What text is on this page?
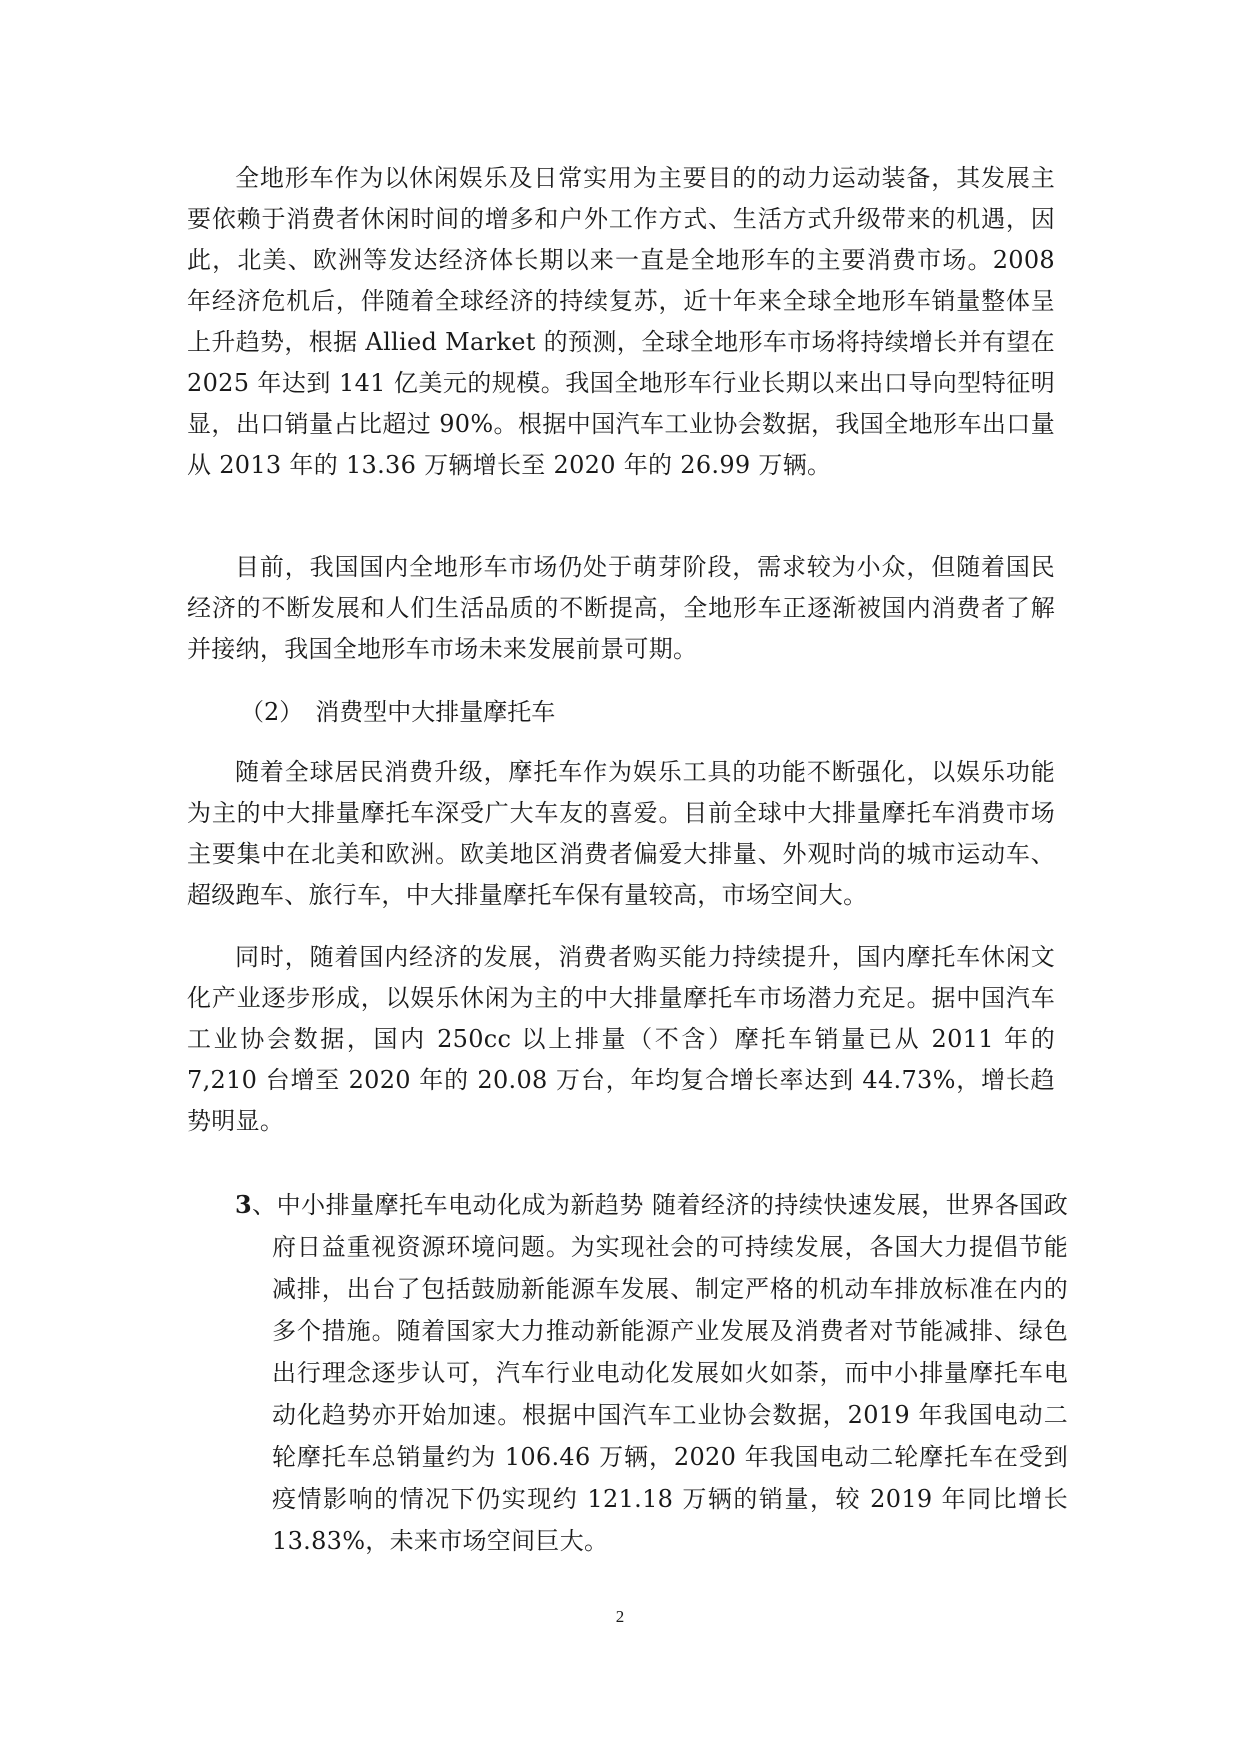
全地形车作为以休闲娱乐及日常实用为主要目的的动力运动装备，其发展主要依赖于消费者休闲时间的增多和户外工作方式、生活方式升级带来的机遇，因此，北美、欧洲等发达经济体长期以来一直是全地形车的主要消费市场。2008 年经济危机后，伴随着全球经济的持续复苏，近十年来全球全地形车销量整体呈上升趋势，根据 Allied Market 的预测，全球全地形车市场将持续增长并有望在 2025 年达到 141 亿美元的规模。我国全地形车行业长期以来出口导向型特征明显，出口销量占比超过 90%。根据中国汽车工业协会数据，我国全地形车出口量从 2013 年的 13.36 万辆增长至 2020 年的 26.99 万辆。

目前，我国国内全地形车市场仍处于萌芽阶段，需求较为小众，但随着国民经济的不断发展和人们生活品质的不断提高，全地形车正逐渐被国内消费者了解并接纳，我国全地形车市场未来发展前景可期。

（2）　消费型中大排量摩托车

随着全球居民消费升级，摩托车作为娱乐工具的功能不断强化，以娱乐功能为主的中大排量摩托车深受广大车友的喜爱。目前全球中大排量摩托车消费市场主要集中在北美和欧洲。欧美地区消费者偏爱大排量、外观时尚的城市运动车、超级跑车、旅行车，中大排量摩托车保有量较高，市场空间大。

同时，随着国内经济的发展，消费者购买能力持续提升，国内摩托车休闲文化产业逐步形成，以娱乐休闲为主的中大排量摩托车市场潜力充足。据中国汽车工业协会数据，国内 250cc 以上排量（不含）摩托车销量已从 2011 年的 7,210 台增至 2020 年的 20.08 万台，年均复合增长率达到 44.73%，增长趋势明显。

3、中小排量摩托车电动化成为新趋势 随着经济的持续快速发展，世界各国政府日益重视资源环境问题。为实现社会的可持续发展，各国大力提倡节能减排，出台了包括鼓励新能源车发展、制定严格的机动车排放标准在内的多个措施。随着国家大力推动新能源产业发展及消费者对节能减排、绿色出行理念逐步认可，汽车行业电动化发展如火如荼，而中小排量摩托车电动化趋势亦开始加速。根据中国汽车工业协会数据，2019 年我国电动二轮摩托车总销量约为 106.46 万辆，2020 年我国电动二轮摩托车在受到疫情影响的情况下仍实现约 121.18 万辆的销量，较 2019 年同比增长 13.83%，未来市场空间巨大。

2
